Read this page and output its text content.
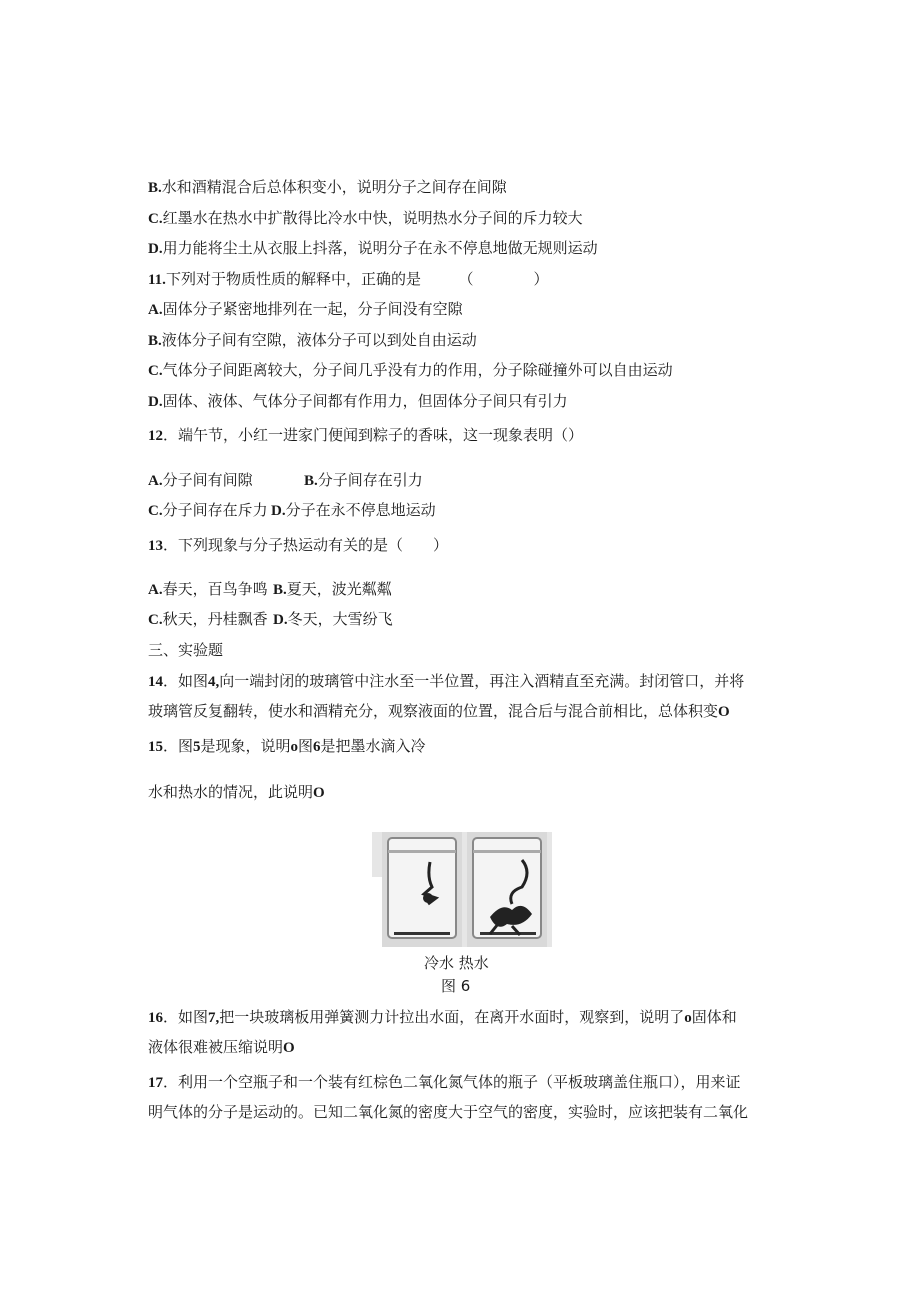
B.水和酒精混合后总体积变小，说明分子之间存在间隙
C.红墨水在热水中扩散得比冷水中快，说明热水分子间的斥力较大
D.用力能将尘土从衣服上抖落，说明分子在永不停息地做无规则运动
11.下列对于物质性质的解释中，正确的是　　　（　　　　）
A.固体分子紧密地排列在一起，分子间没有空隙
B.液体分子间有空隙，液体分子可以到处自由运动
C.气体分子间距离较大，分子间几乎没有力的作用，分子除碰撞外可以自由运动
D.固体、液体、气体分子间都有作用力，但固体分子间只有引力
12．端午节，小红一进家门便闻到粽子的香味，这一现象表明（）
A.分子间有间隙	B.分子间存在引力
C.分子间存在斥力 D.分子在永不停息地运动
13．下列现象与分子热运动有关的是（　　）
A.春天，百鸟争鸣 B.夏天，波光粼粼
C.秋天，丹桂飘香 D.冬天，大雪纷飞
三、实验题
14．如图4,向一端封闭的玻璃管中注水至一半位置，再注入酒精直至充满。封闭管口，并将
玻璃管反复翻转，使水和酒精充分，观察液面的位置，混合后与混合前相比，总体积变O
15．图5是现象，说明o图6是把墨水滴入冷
水和热水的情况，此说明O
16．如图7,把一块玻璃板用弹簧测力计拉出水面，在离开水面时，观察到，说明了o固体和
液体很难被压缩说明O
17．利用一个空瓶子和一个装有红棕色二氧化氮气体的瓶子（平板玻璃盖住瓶口），用来证
明气体的分子是运动的。已知二氧化氮的密度大于空气的密度，实验时，应该把装有二氧化
冷水 热水
图 6
